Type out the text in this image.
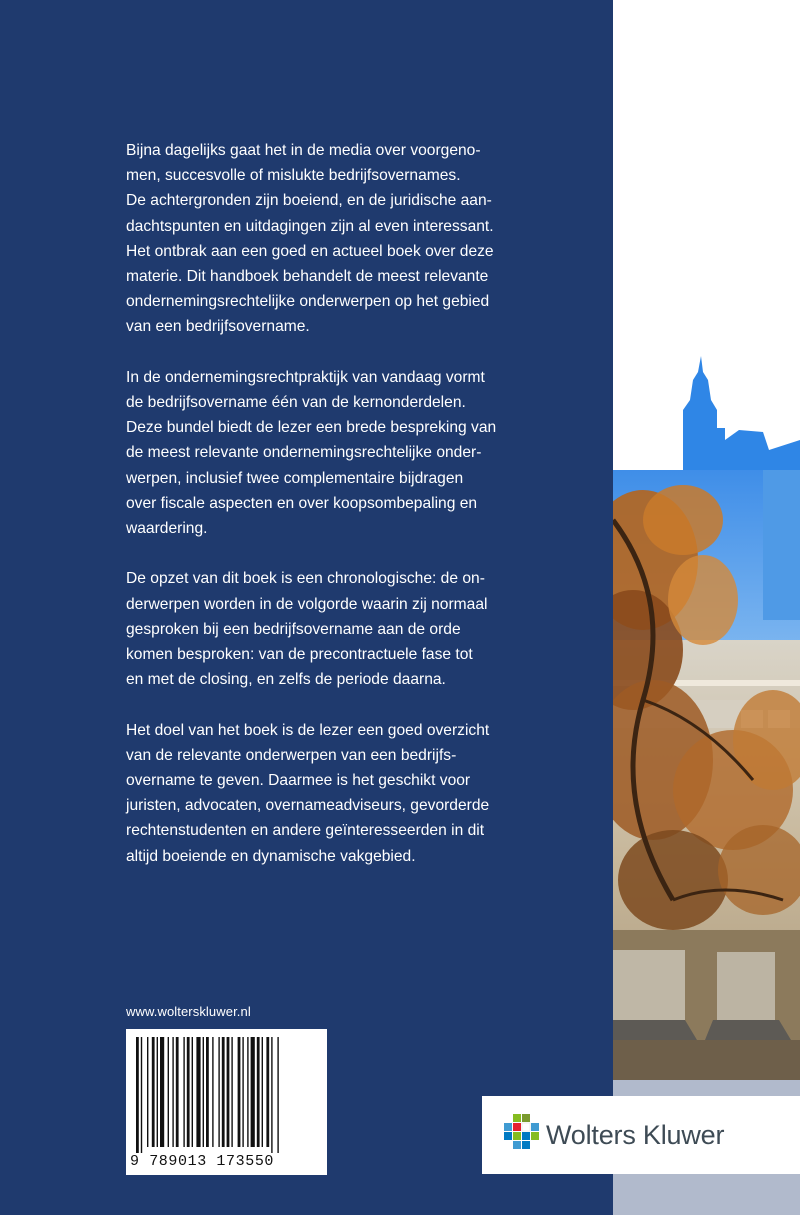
Bijna dagelijks gaat het in de media over voorgeno-
men, succesvolle of mislukte bedrijfsovernames.
De achtergronden zijn boeiend, en de juridische aan-
dachtspunten en uitdagingen zijn al even interessant.
Het ontbrak aan een goed en actueel boek over deze
materie. Dit handboek behandelt de meest relevante
ondernemingsrechtelijke onderwerpen op het gebied
van een bedrijfsovername.

In de ondernemingsrechtpraktijk van vandaag vormt
de bedrijfsovername één van de kernonderdelen.
Deze bundel biedt de lezer een brede bespreking van
de meest relevante ondernemingsrechtelijke onder-
werpen, inclusief twee complementaire bijdragen
over fiscale aspecten en over koopsombepaling en
waardering.

De opzet van dit boek is een chronologische: de on-
derwerpen worden in de volgorde waarin zij normaal
gesproken bij een bedrijfsovername aan de orde
komen besproken: van de precontractuele fase tot
en met de closing, en zelfs de periode daarna.

Het doel van het boek is de lezer een goed overzicht
van de relevante onderwerpen van een bedrijfs-
overname te geven. Daarmee is het geschikt voor
juristen, advocaten, overnameadviseurs, gevorderde
rechtenstudenten en andere geïnteresseerden in dit
altijd boeiende en dynamische vakgebied.

www.wolterskluwer.nl
9 789013 173550
Wolters Kluwer
